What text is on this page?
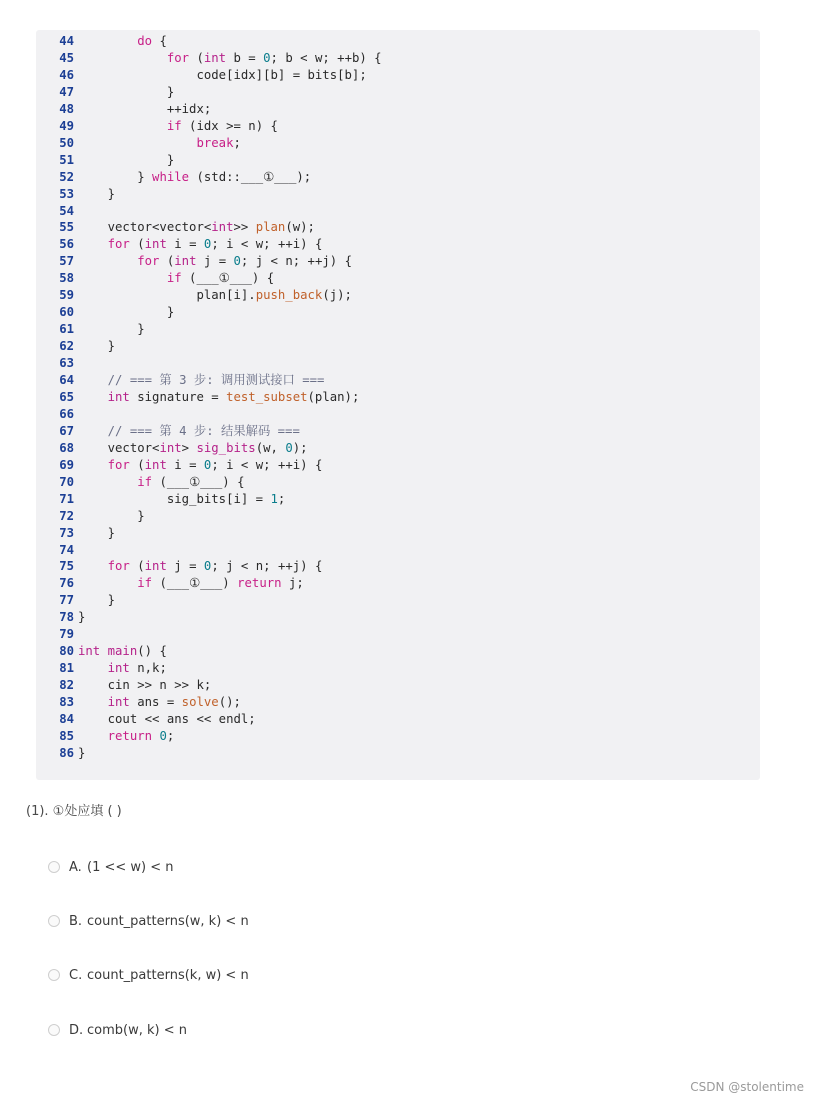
44	do {
45	for (int b = 0; b < w; ++b) {
46 code[idx][b] = bits[b];
47 }
48 ++idx;
49	if (idx >= n) {
50	break;
51 }
52 } while (std::___①___);
53 }
54
55 vector<vector<int>> plan(w);
56	for (int i = 0; i < w; ++i) {
57	for (int j = 0; j < n; ++j) {
58	if (___①___) {
59 plan[i].push_back(j);
60 }
61 }
62 }
63
64 // === 第 3 步: 调用测试接口 ===
65	int signature = test_subset(plan);
66
67 // === 第 4 步: 结果解码 ===
68 vector<int> sig_bits(w, 0);
69	for (int i = 0; i < w; ++i) {
70	if (___①___) {
71 sig_bits[i] = 1;
72 }
73 }
74
75	for (int j = 0; j < n; ++j) {
76	if (___①___) return j;
77 }
78 }
79
80 int main() {
81	int n,k;
82 cin >> n >> k;
83	int ans = solve();
84 cout << ans << endl;
85	return 0;
86 }
(1). ①处应填 ( )
A. (1 << w) < n
B. count_patterns(w, k) < n
C. count_patterns(k, w) < n
D. comb(w, k) < n
CSDN @stolentime
